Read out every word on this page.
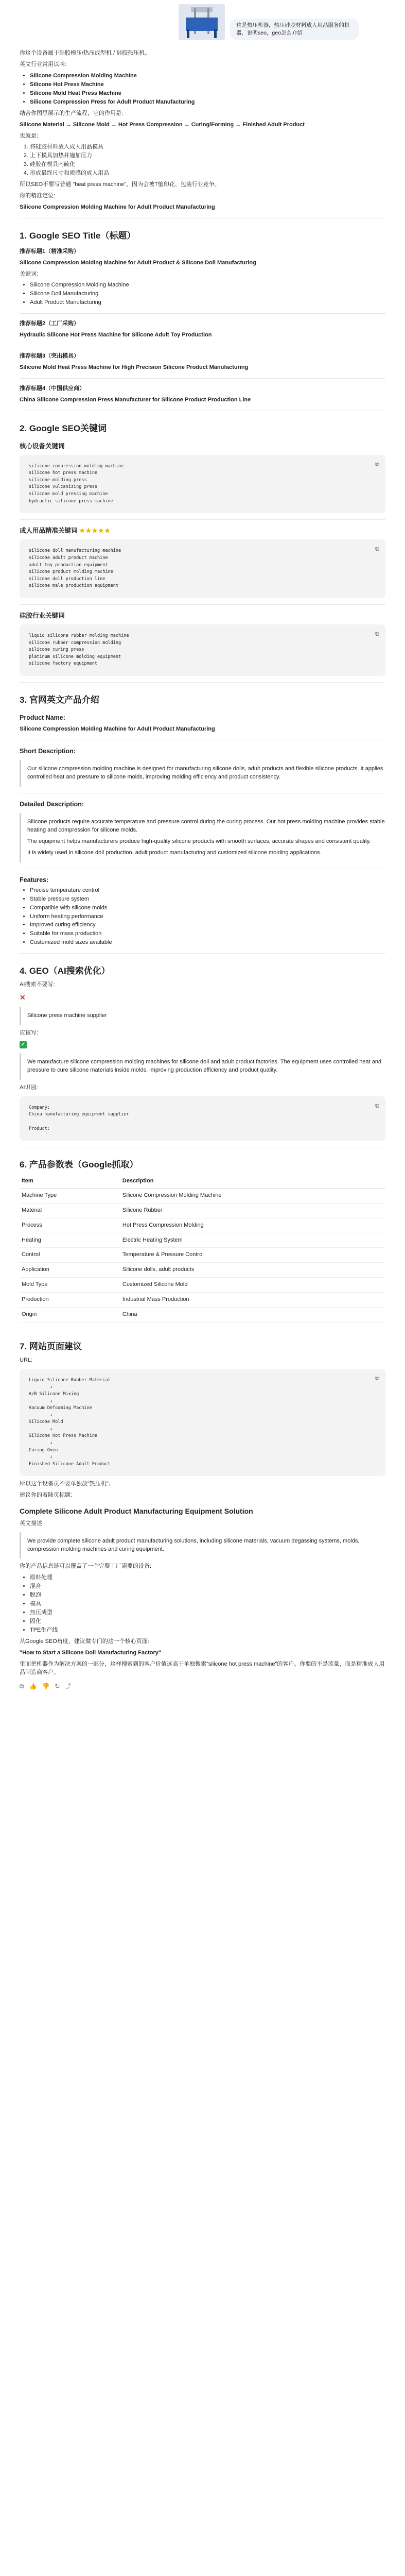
这是热压机器，热压硅胶材料成人用品服务的机器，说明seo，geo怎么介绍

你这个设备属于硅胶模压/热压成型机 / 硅胶热压机。

英文行业常用以叫:

• Silicone Compression Molding Machine
• Silicone Hot Press Machine
• Silicone Mold Heat Press Machine
• Silicone Compression Press for Adult Product Manufacturing

结合你图里展示的生产流程，它的作用是:

Silicone Material → Silicone Mold → Hot Press Compression → Curing/Forming → Finished Adult Product

也就是:

1. 将硅胶材料放入成人用品模具
2. 上下模具加热并施加压力
3. 硅胶在模具内硫化
4. 形成最终尺寸和质感的成人用品

所以SEO不要写普通 "heat press machine"，因为会被T恤印花、包装行业竞争。

你的精准定位:

Silicone Compression Molding Machine for Adult Product Manufacturing

1. Google SEO Title（标题）
推荐标题1（精准采购）

Silicone Compression Molding Machine for Adult Product & Silicone Doll Manufacturing

关键词:

• Silicone Compression Molding Machine
• Silicone Doll Manufacturing
• Adult Product Manufacturing
推荐标题2（工厂采购）

Hydraulic Silicone Hot Press Machine for Silicone Adult Toy Production

推荐标题3（突出模具）

Silicone Mold Heat Press Machine for High Precision Silicone Product Manufacturing

推荐标题4（中国供应商）

China Silicone Compression Press Manufacturer for Silicone Product Production Line

2. Google SEO关键词
核心设备关键词
⧉
silicone compression molding machine
silicone hot press machine
silicone molding press
silicone vulcanizing press
silicone mold pressing machine
hydraulic silicone press machine
成人用品精准关键词 ★★★★★
⧉
silicone doll manufacturing machine
silicone adult product machine
adult toy production equipment
silicone product molding machine
silicone doll production line
silicone male production equipment
硅胶行业关键词
⧉
liquid silicone rubber molding machine
silicone rubber compression molding
silicone curing press
platinum silicone molding equipment
silicone factory equipment
3. 官网英文产品介绍
Product Name:

Silicone Compression Molding Machine for Adult Product Manufacturing

Short Description:

Our silicone compression molding machine is designed for manufacturing silicone dolls, adult products and flexible silicone products. It applies controlled heat and pressure to silicone molds, improving molding efficiency and product consistency.

Detailed Description:

Silicone products require accurate temperature and pressure control during the curing process. Our hot press molding machine provides stable heating and compression for silicone molds.

The equipment helps manufacturers produce high-quality silicone products with smooth surfaces, accurate shapes and consistent quality.

It is widely used in silicone doll production, adult product manufacturing and customized silicone molding applications.

Features:
• Precise temperature control
• Stable pressure system
• Compatible with silicone molds
• Uniform heating performance
• Improved curing efficiency
• Suitable for mass production
• Customized mold sizes available
4. GEO（AI搜索优化）

AI搜索不要写:

✕

Silicone press machine supplier

应该写:

✓

We manufacture silicone compression molding machines for silicone doll and adult product factories. The equipment uses controlled heat and pressure to cure silicone materials inside molds, improving production efficiency and product quality.

AI识别:

⧉
Company:
China manufacturing equipment supplier

Product:
6. 产品参数表（Google抓取）
Item	Description
Machine Type	Silicone Compression Molding Machine
Material	Silicone Rubber
Process	Hot Press Compression Molding
Heating	Electric Heating System
Control	Temperature & Pressure Control
Application	Silicone dolls, adult products
Mold Type	Customized Silicone Mold
Production	Industrial Mass Production
Origin	China
7. 网站页面建议

URL:

⧉
Liquid Silicone Rubber Material
↓
A/B Silicone Mixing
↓
Vacuum Defoaming Machine
↓
Silicone Mold
↓
Silicone Hot Press Machine
↓
Curing Oven
↓
Finished Silicone Adult Product

所以这个设备页不要单独放"热压机"。

建议你的着陆页标题:

Complete Silicone Adult Product Manufacturing Equipment Solution

英文描述:

We provide complete silicone adult product manufacturing solutions, including silicone materials, vacuum degassing systems, molds, compression molding machines and curing equipment.

你的产品信息链可以覆盖了一个完整工厂需要的设备:

• 原料处理
• 混合
• 脱泡
• 模具
• 热压成型
• 固化
• TPE生产线

从Google SEO角度，建议做专门的这一个核心页面:

"How to Start a Silicone Doll Manufacturing Factory"

里面把机器作为解决方案的一部分，这样搜索到的客户价值远高于单独搜索"silicone hot press machine"的客户。你要的不是流量，而是精准成人用品制造商客户。

⧉ 👍 👎 ↻ ⤴
